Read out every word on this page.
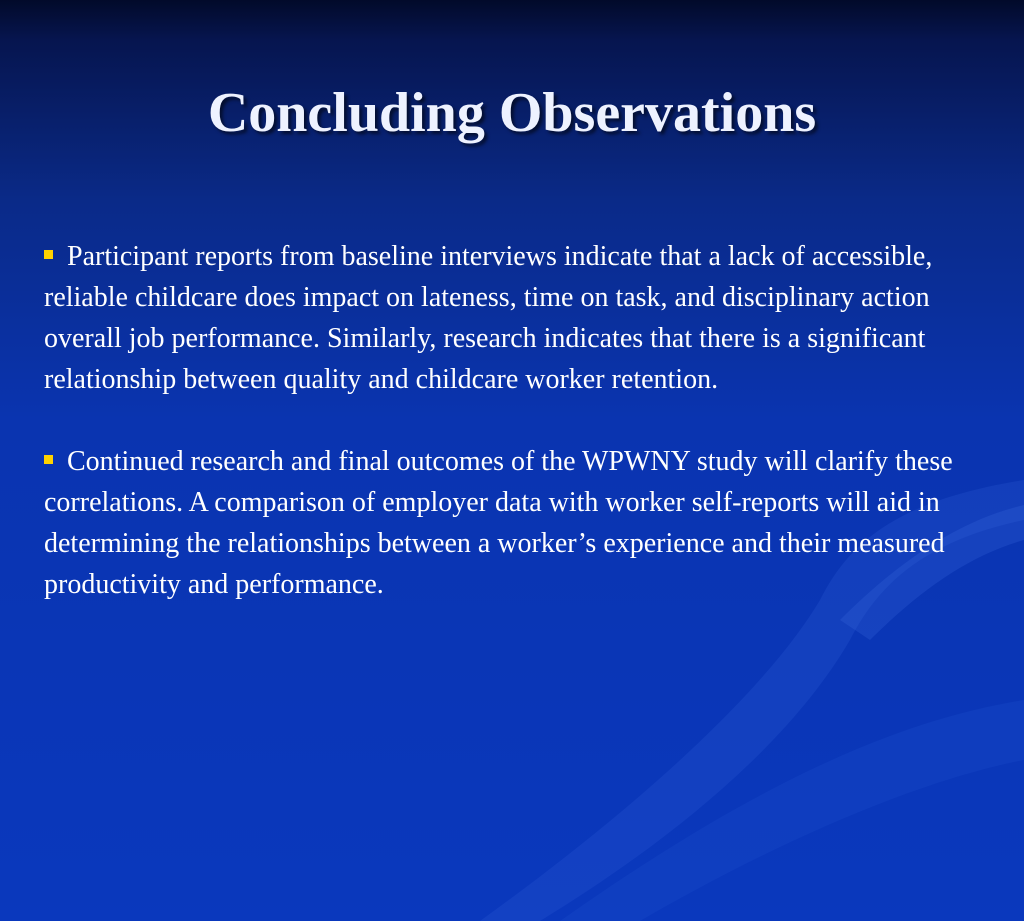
Concluding Observations

Participant reports from baseline interviews indicate that a lack of accessible, reliable childcare does impact on lateness, time on task, and disciplinary action overall job performance. Similarly, research indicates that there is a significant relationship between quality and childcare worker retention.

Continued research and final outcomes of the WPWNY study will clarify these correlations. A comparison of employer data with worker self-reports will aid in determining the relationships between a worker’s experience and their measured productivity and performance.
